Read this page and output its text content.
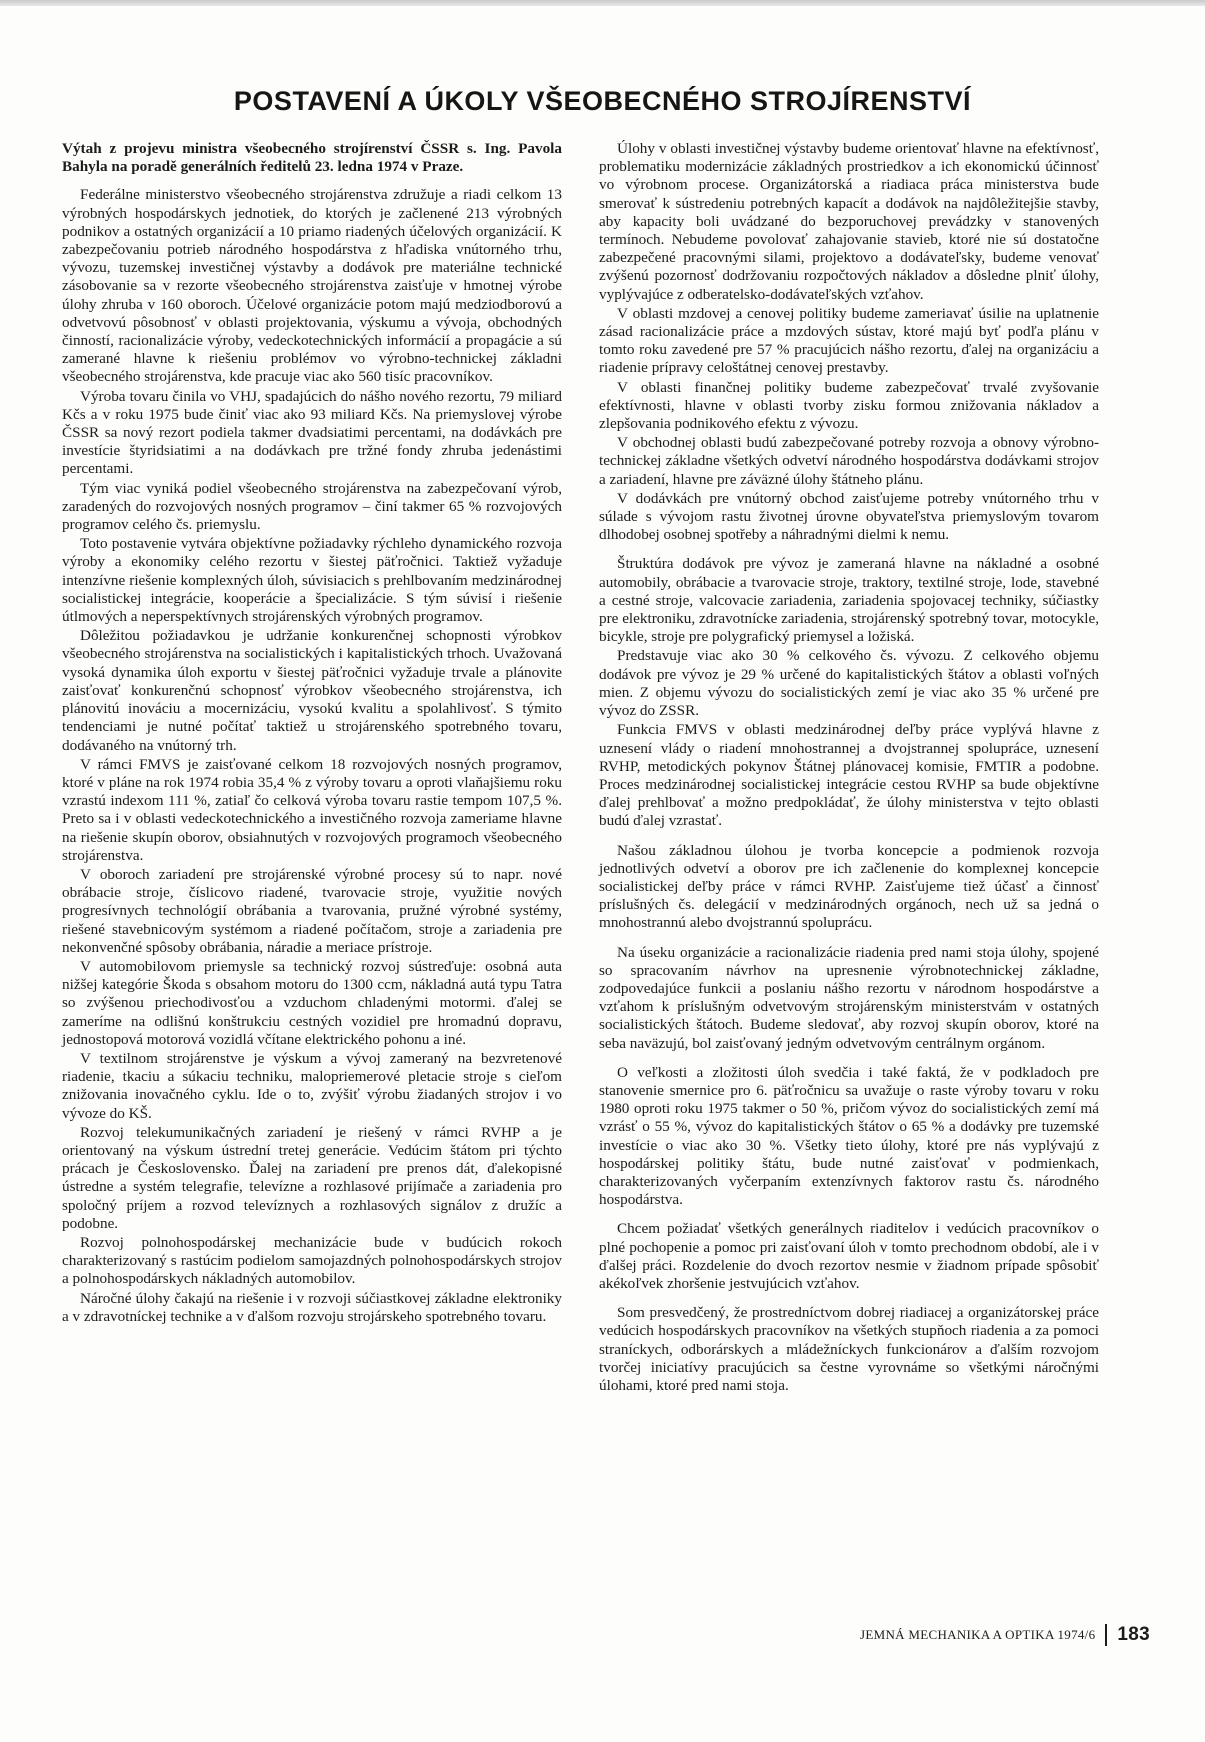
POSTAVENÍ A ÚKOLY VŠEOBECNÉHO STROJÍRENSTVÍ

Výtah z projevu ministra všeobecného strojírenství ČSSR s. Ing. Pavola Bahyla na poradě generálních ředitelů 23. ledna 1974 v Praze.

Federálne ministerstvo všeobecného strojárenstva združuje a riadi celkom 13 výrobných hospodárskych jednotiek, do ktorých je začlenené 213 výrobných podnikov a ostatných organizácií a 10 priamo riadených účelových organizácií. K zabezpečovaniu potrieb národného hospodárstva z hľadiska vnútorného trhu, vývozu, tuzemskej investičnej výstavby a dodávok pre materiálne technické zásobovanie sa v rezorte všeobecného strojárenstva zaisťuje v hmotnej výrobe úlohy zhruba v 160 oboroch. Účelové organizácie potom majú medziodborovú a odvetvovú pôsobnosť v oblasti projektovania, výskumu a vývoja, obchodných činností, racionalizácie výroby, vedeckotechnických informácií a propagácie a sú zamerané hlavne k riešeniu problémov vo výrobno-technickej základni všeobecného strojárenstva, kde pracuje viac ako 560 tisíc pracovníkov.

Výroba tovaru činila vo VHJ, spadajúcich do nášho nového rezortu, 79 miliard Kčs a v roku 1975 bude činiť viac ako 93 miliard Kčs. Na priemyslovej výrobe ČSSR sa nový rezort podiela takmer dvadsiatimi percentami, na dodávkách pre investície štyridsiatimi a na dodávkach pre tržné fondy zhruba jedenástimi percentami.

Tým viac vyniká podiel všeobecného strojárenstva na zabezpečovaní výrob, zaradených do rozvojových nosných programov – činí takmer 65 % rozvojových programov celého čs. priemyslu.

Toto postavenie vytvára objektívne požiadavky rýchleho dynamického rozvoja výroby a ekonomiky celého rezortu v šiestej päťročnici. Taktiež vyžaduje intenzívne riešenie komplexných úloh, súvisiacich s prehlbovaním medzinárodnej socialistickej integrácie, kooperácie a špecializácie. S tým súvisí i riešenie útlmových a neperspektívnych strojárenských výrobných programov.

Dôležitou požiadavkou je udržanie konkurenčnej schopnosti výrobkov všeobecného strojárenstva na socialistických i kapitalistických trhoch. Uvažovaná vysoká dynamika úloh exportu v šiestej päťročnici vyžaduje trvale a plánovite zaisťovať konkurenčnú schopnosť výrobkov všeobecného strojárenstva, ich plánovitú inováciu a mocernizáciu, vysokú kvalitu a spolahlivosť. S týmito tendenciami je nutné počítať taktiež u strojárenského spotrebného tovaru, dodávaného na vnútorný trh.

V rámci FMVS je zaisťované celkom 18 rozvojových nosných programov, ktoré v pláne na rok 1974 robia 35,4 % z výroby tovaru a oproti vlaňajšiemu roku vzrastú indexom 111 %, zatiaľ čo celková výroba tovaru rastie tempom 107,5 %. Preto sa i v oblasti vedeckotechnického a investičného rozvoja zameriame hlavne na riešenie skupín oborov, obsiahnutých v rozvojových programoch všeobecného strojárenstva.

V oboroch zariadení pre strojárenské výrobné procesy sú to napr. nové obrábacie stroje, číslicovo riadené, tvarovacie stroje, využitie nových progresívnych technológií obrábania a tvarovania, pružné výrobné systémy, riešené stavebnicovým systémom a riadené počítačom, stroje a zariadenia pre nekonvenčné spôsoby obrábania, náradie a meriace prístroje.

V automobilovom priemysle sa technický rozvoj sústreďuje: osobná auta nižšej kategórie Škoda s obsahom motoru do 1300 ccm, nákladná autá typu Tatra so zvýšenou priechodivosťou a vzduchom chladenými motormi. ďalej se zameríme na odlišnú konštrukciu cestných vozidiel pre hromadnú dopravu, jednostopová motorová vozidlá včítane elektrického pohonu a iné.

V textilnom strojárenstve je výskum a vývoj zameraný na bezvretenové riadenie, tkaciu a súkaciu techniku, malopriemerové pletacie stroje s cieľom znižovania inovačného cyklu. Ide o to, zvýšiť výrobu žiadaných strojov i vo vývoze do KŠ.

Rozvoj telekumunikačných zariadení je riešený v rámci RVHP a je orientovaný na výskum ústrední tretej generácie. Vedúcim štátom pri týchto prácach je Československo. Ďalej na zariadení pre prenos dát, ďalekopisné ústredne a systém telegrafie, televízne a rozhlasové prijímače a zariadenia pro spoločný príjem a rozvod televíznych a rozhlasových signálov z družíc a podobne.

Rozvoj polnohospodárskej mechanizácie bude v budúcich rokoch charakterizovaný s rastúcim podielom samojazdných polnohospodárskych strojov a polnohospodárskych nákladných automobilov.

Náročné úlohy čakajú na riešenie i v rozvoji súčiastkovej základne elektroniky a v zdravotníckej technike a v ďalšom rozvoju strojárskeho spotrebného tovaru.

Úlohy v oblasti investičnej výstavby budeme orientovať hlavne na efektívnosť, problematiku modernizácie základných prostriedkov a ich ekonomickú účinnosť vo výrobnom procese. Organizátorská a riadiaca práca ministerstva bude smerovať k sústredeniu potrebných kapacít a dodávok na najdôležitejšie stavby, aby kapacity boli uvádzané do bezporuchovej prevádzky v stanovených termínoch. Nebudeme povolovať zahajovanie stavieb, ktoré nie sú dostatočne zabezpečené pracovnými silami, projektovo a dodávateľsky, budeme venovať zvýšenú pozornosť dodržovaniu rozpočtových nákladov a dôsledne plniť úlohy, vyplývajúce z odberatelsko-dodávateľských vzťahov.

V oblasti mzdovej a cenovej politiky budeme zameriavať úsilie na uplatnenie zásad racionalizácie práce a mzdových sústav, ktoré majú byť podľa plánu v tomto roku zavedené pre 57 % pracujúcich nášho rezortu, ďalej na organizáciu a riadenie prípravy celoštátnej cenovej prestavby.

V oblasti finančnej politiky budeme zabezpečovať trvalé zvyšovanie efektívnosti, hlavne v oblasti tvorby zisku formou znižovania nákladov a zlepšovania podnikového efektu z vývozu.

V obchodnej oblasti budú zabezpečované potreby rozvoja a obnovy výrobno-technickej základne všetkých odvetví národného hospodárstva dodávkami strojov a zariadení, hlavne pre záväzné úlohy štátneho plánu.

V dodávkách pre vnútorný obchod zaisťujeme potreby vnútorného trhu v súlade s vývojom rastu životnej úrovne obyvateľstva priemyslovým tovarom dlhodobej osobnej spotřeby a náhradnými dielmi k nemu.

Štruktúra dodávok pre vývoz je zameraná hlavne na nákladné a osobné automobily, obrábacie a tvarovacie stroje, traktory, textilné stroje, lode, stavebné a cestné stroje, valcovacie zariadenia, zariadenia spojovacej techniky, súčiastky pre elektroniku, zdravotnícke zariadenia, strojárenský spotrebný tovar, motocykle, bicykle, stroje pre polygrafický priemysel a ložiská.

Predstavuje viac ako 30 % celkového čs. vývozu. Z celkového objemu dodávok pre vývoz je 29 % určené do kapitalistických štátov a oblasti voľných mien. Z objemu vývozu do socialistických zemí je viac ako 35 % určené pre vývoz do ZSSR.

Funkcia FMVS v oblasti medzinárodnej deľby práce vyplývá hlavne z uznesení vlády o riadení mnohostrannej a dvojstrannej spolupráce, uznesení RVHP, metodických pokynov Štátnej plánovacej komisie, FMTIR a podobne. Proces medzinárodnej socialistickej integrácie cestou RVHP sa bude objektívne ďalej prehlbovať a možno predpokládať, že úlohy ministerstva v tejto oblasti budú ďalej vzrastať.

Našou základnou úlohou je tvorba koncepcie a podmienok rozvoja jednotlivých odvetví a oborov pre ich začlenenie do komplexnej koncepcie socialistickej deľby práce v rámci RVHP. Zaisťujeme tiež účasť a činnosť príslušných čs. delegácií v medzinárodných orgánoch, nech už sa jedná o mnohostrannú alebo dvojstrannú spoluprácu.

Na úseku organizácie a racionalizácie riadenia pred nami stoja úlohy, spojené so spracovaním návrhov na upresnenie výrobnotechnickej základne, zodpovedajúce funkcii a poslaniu nášho rezortu v národnom hospodárstve a vzťahom k príslušným odvetvovým strojárenským ministerstvám v ostatných socialistických štátoch. Budeme sledovať, aby rozvoj skupín oborov, ktoré na seba naväzujú, bol zaisťovaný jedným odvetvovým centrálnym orgánom.

O veľkosti a zložitosti úloh svedčia i také faktá, že v podkladoch pre stanovenie smernice pro 6. päťročnicu sa uvažuje o raste výroby tovaru v roku 1980 oproti roku 1975 takmer o 50 %, pričom vývoz do socialistických zemí má vzrásť o 55 %, vývoz do kapitalistických štátov o 65 % a dodávky pre tuzemské investície o viac ako 30 %. Všetky tieto úlohy, ktoré pre nás vyplývajú z hospodárskej politiky štátu, bude nutné zaisťovať v podmienkach, charakterizovaných vyčerpaním extenzívnych faktorov rastu čs. národného hospodárstva.

Chcem požiadať všetkých generálnych riaditelov i vedúcich pracovníkov o plné pochopenie a pomoc pri zaisťovaní úloh v tomto prechodnom období, ale i v ďalšej práci. Rozdelenie do dvoch rezortov nesmie v žiadnom prípade spôsobiť akékoľvek zhoršenie jestvujúcich vzťahov.

Som presvedčený, že prostredníctvom dobrej riadiacej a organizátorskej práce vedúcich hospodárskych pracovníkov na všetkých stupňoch riadenia a za pomoci straníckych, odborárskych a mládežníckych funkcionárov a ďalším rozvojom tvorčej iniciatívy pracujúcich sa čestne vyrovnáme so všetkými náročnými úlohami, ktoré pred nami stoja.

JEMNÁ MECHANIKA A OPTIKA 1974/6 183
